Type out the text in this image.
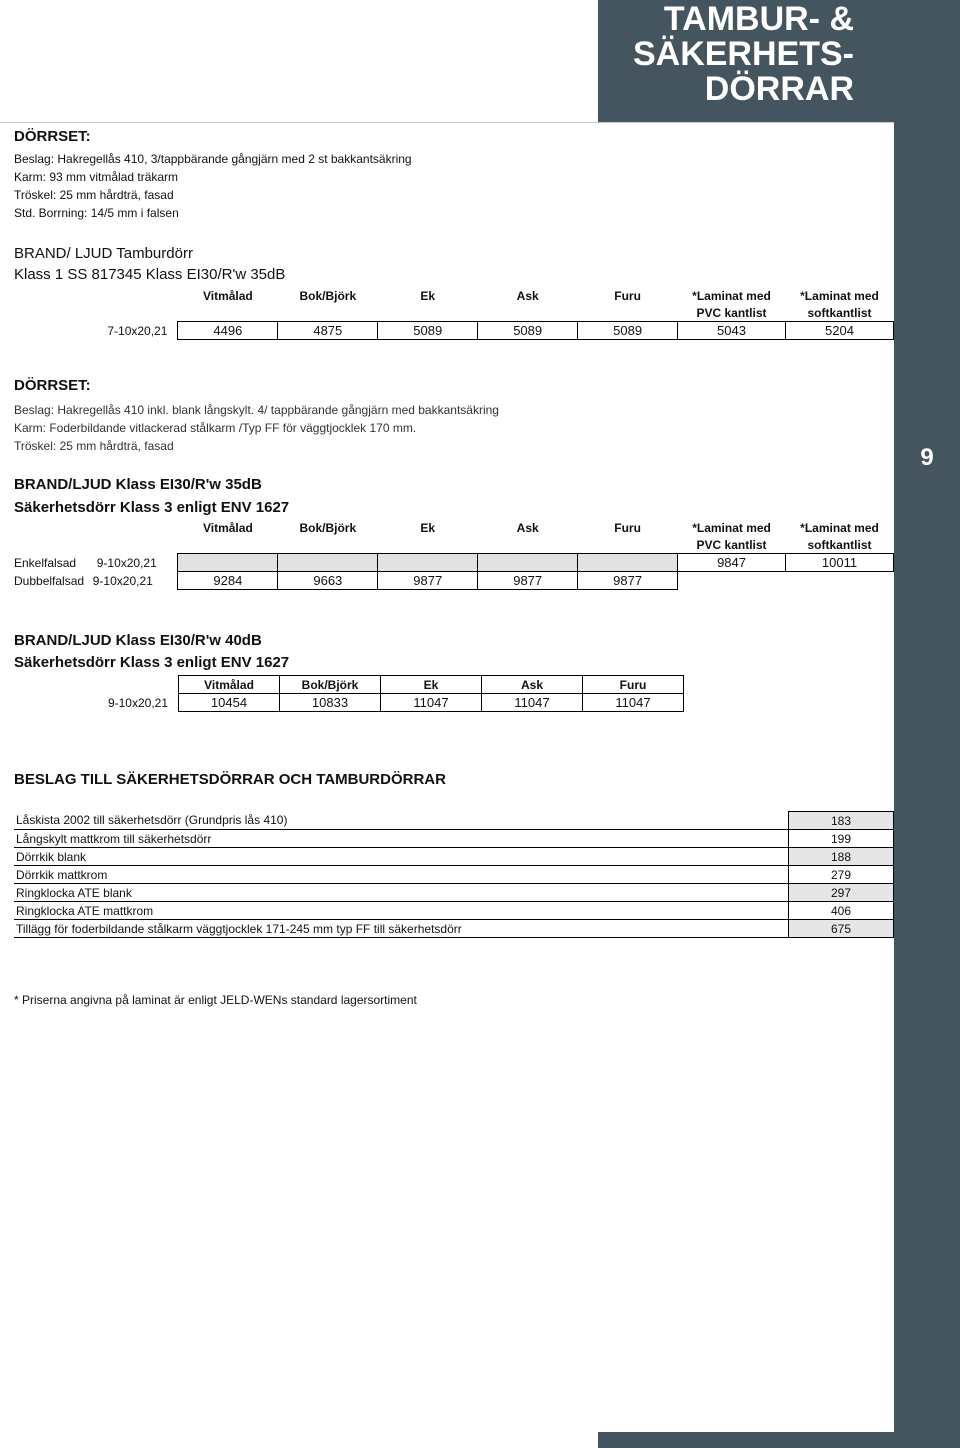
TAMBUR- &
SÄKERHETS-
DÖRRAR
9
DÖRRSET:
Beslag: Hakregellås 410, 3/tappbärande gångjärn med 2 st bakkantsäkring
Karm: 93 mm vitmålad träkarm
Tröskel: 25 mm hårdträ, fasad
Std. Borrning: 14/5 mm i falsen
BRAND/ LJUD Tamburdörr
Klass 1 SS 817345 Klass EI30/R'w 35dB
	Vitmålad	Bok/Björk	Ek	Ask	Furu	*Laminat med	*Laminat med
						PVC kantlist	softkantlist
7-10x20,21	4496	4875	5089	5089	5089	5043	5204
DÖRRSET:
Beslag: Hakregellås 410 inkl. blank långskylt. 4/ tappbärande gångjärn med bakkantsäkring
Karm: Foderbildande vitlackerad stålkarm /Typ FF för väggtjocklek 170 mm.
Tröskel: 25 mm hårdträ, fasad
BRAND/LJUD Klass EI30/R'w 35dB
Säkerhetsdörr Klass 3 enligt ENV 1627
	Vitmålad	Bok/Björk	Ek	Ask	Furu	*Laminat med	*Laminat med
						PVC kantlist	softkantlist
Enkelfalsad 9-10x20,21						9847	10011
Dubbelfalsad 9-10x20,21	9284	9663	9877	9877	9877		
BRAND/LJUD Klass EI30/R'w 40dB
Säkerhetsdörr Klass 3 enligt ENV 1627
	Vitmålad	Bok/Björk	Ek	Ask	Furu
9-10x20,21	10454	10833	11047	11047	11047
BESLAG TILL SÄKERHETSDÖRRAR OCH TAMBURDÖRRAR
Låskista 2002 till säkerhetsdörr (Grundpris lås 410)	183
Långskylt mattkrom till säkerhetsdörr	199
Dörrkik blank	188
Dörrkik mattkrom	279
Ringklocka ATE blank	297
Ringklocka ATE mattkrom	406
Tillägg för foderbildande stålkarm väggtjocklek 171-245 mm typ FF till säkerhetsdörr	675
* Priserna angivna på laminat är enligt JELD-WENs standard lagersortiment
